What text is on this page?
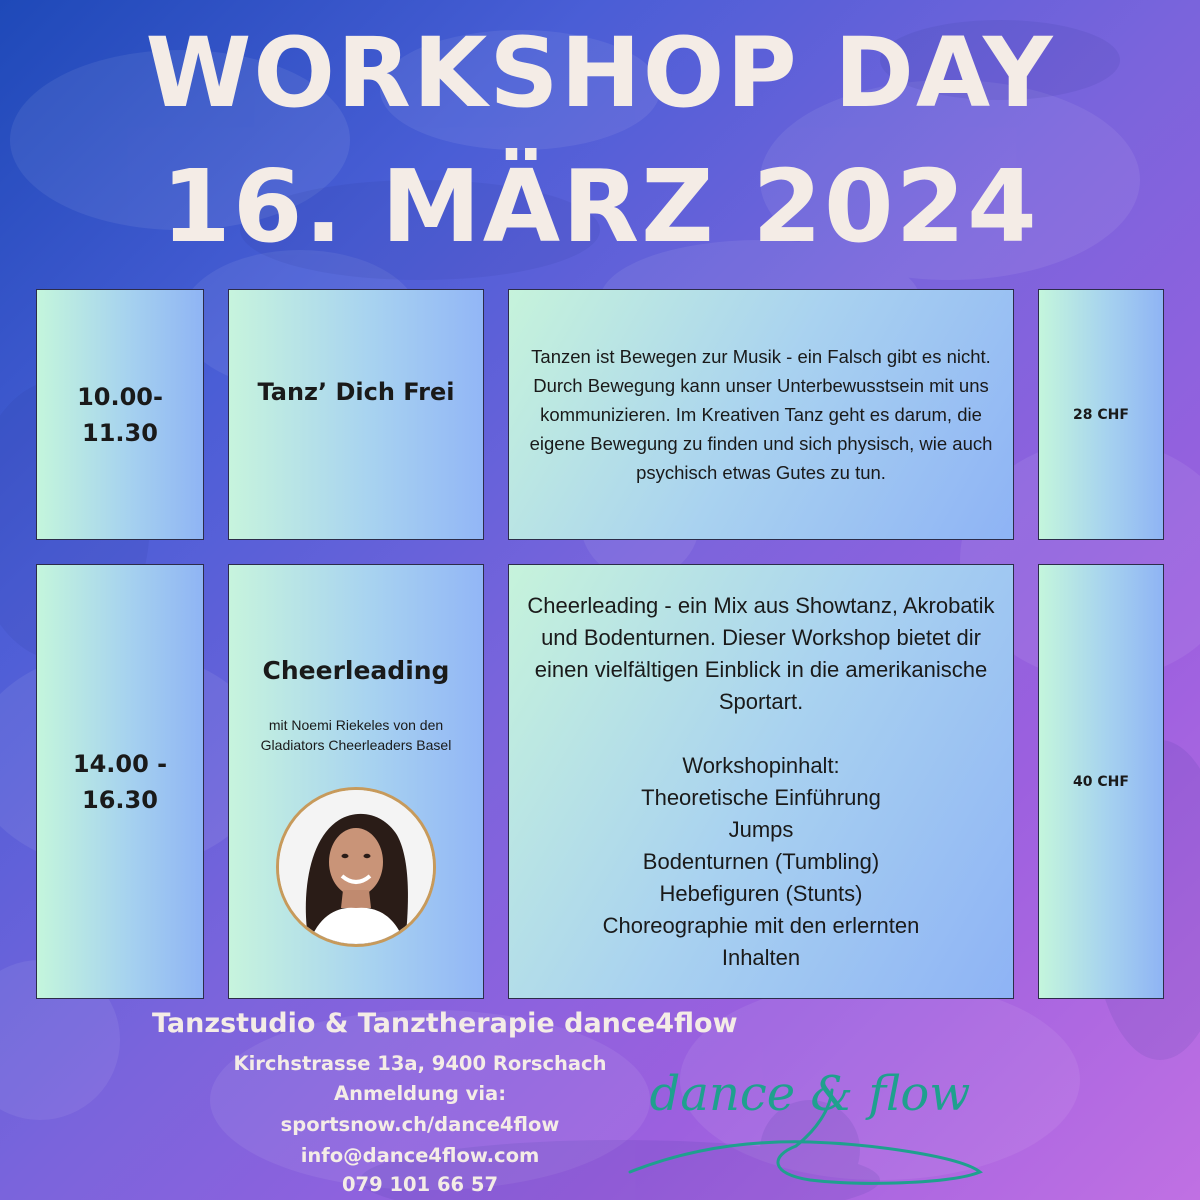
WORKSHOP DAY
16. MÄRZ 2024
10.00- 11.30
Tanz’ Dich Frei

Tanzen ist Bewegen zur Musik - ein Falsch gibt es nicht. Durch Bewegung kann unser Unterbewusstsein mit uns kommunizieren. Im Kreativen Tanz geht es darum, die eigene Bewegung zu finden und sich physisch, wie auch psychisch etwas Gutes zu tun.

28 CHF
14.00 - 16.30
Cheerleading
mit Noemi Riekeles von den Gladiators Cheerleaders Basel

Cheerleading - ein Mix aus Showtanz, Akrobatik und Bodenturnen. Dieser Workshop bietet dir einen vielfältigen Einblick in die amerikanische Sportart.

Workshopinhalt:

Theoretische Einführung

Jumps

Bodenturnen (Tumbling)

Hebefiguren (Stunts)

Choreographie mit den erlernten Inhalten

40 CHF
Tanzstudio & Tanztherapie dance4flow
Kirchstrasse 13a, 9400 Rorschach
Anmeldung via:
sportsnow.ch/dance4flow
info@dance4flow.com
079 101 66 57
dance & flow
